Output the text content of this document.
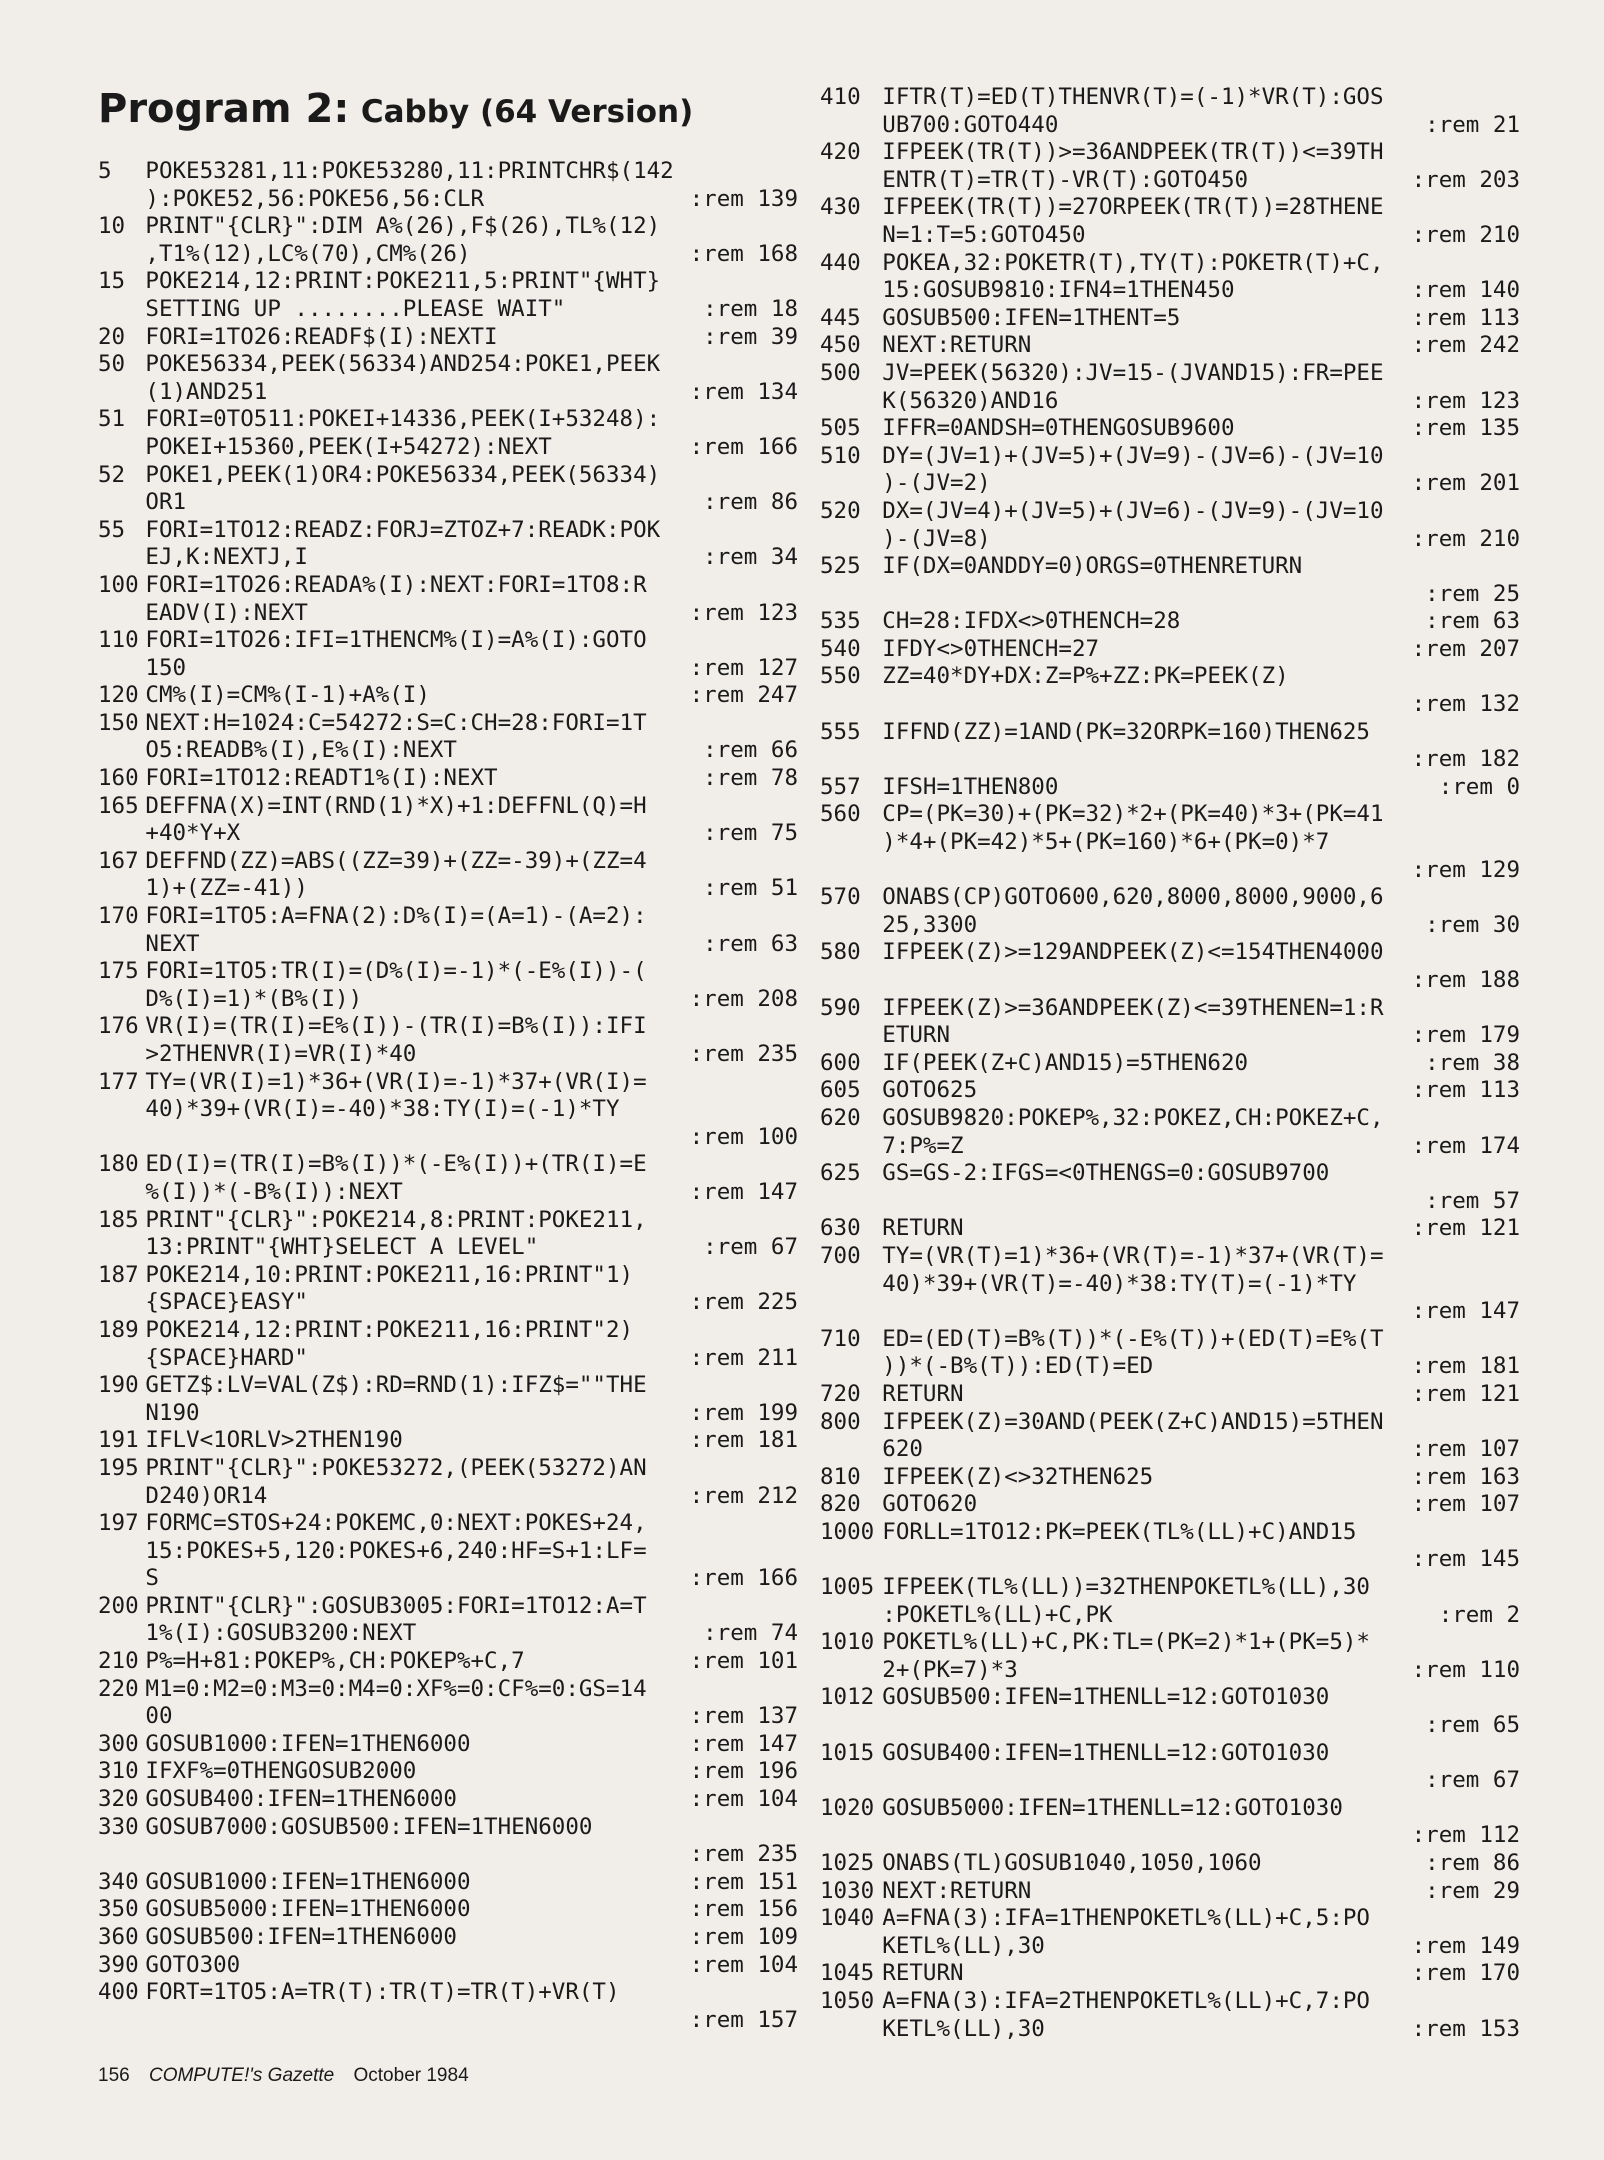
Program 2: Cabby (64 Version)
5 POKE53281,11:POKE53280,11:PRINTCHR$(142
):POKE52,56:POKE56,56:CLR	:rem 139
10 PRINT"{CLR}":DIM A%(26),F$(26),TL%(12)
,T1%(12),LC%(70),CM%(26)	:rem 168
15 POKE214,12:PRINT:POKE211,5:PRINT"{WHT}
SETTING UP ........PLEASE WAIT"	:rem 18
20 FORI=1TO26:READF$(I):NEXTI	:rem 39
50 POKE56334,PEEK(56334)AND254:POKE1,PEEK
(1)AND251	:rem 134
51 FORI=0TO511:POKEI+14336,PEEK(I+53248):
POKEI+15360,PEEK(I+54272):NEXT	:rem 166
52 POKE1,PEEK(1)OR4:POKE56334,PEEK(56334)
OR1	:rem 86
55 FORI=1TO12:READZ:FORJ=ZTOZ+7:READK:POK
EJ,K:NEXTJ,I	:rem 34
100 FORI=1TO26:READA%(I):NEXT:FORI=1TO8:R
EADV(I):NEXT	:rem 123
110 FORI=1TO26:IFI=1THENCM%(I)=A%(I):GOTO
150	:rem 127
120 CM%(I)=CM%(I-1)+A%(I)	:rem 247
150 NEXT:H=1024:C=54272:S=C:CH=28:FORI=1T
O5:READB%(I),E%(I):NEXT	:rem 66
160 FORI=1TO12:READT1%(I):NEXT	:rem 78
165 DEFFNA(X)=INT(RND(1)*X)+1:DEFFNL(Q)=H
+40*Y+X	:rem 75
167 DEFFND(ZZ)=ABS((ZZ=39)+(ZZ=-39)+(ZZ=4
1)+(ZZ=-41))	:rem 51
170 FORI=1TO5:A=FNA(2):D%(I)=(A=1)-(A=2):
NEXT	:rem 63
175 FORI=1TO5:TR(I)=(D%(I)=-1)*(-E%(I))-(
D%(I)=1)*(B%(I))	:rem 208
176 VR(I)=(TR(I)=E%(I))-(TR(I)=B%(I)):IFI
>2THENVR(I)=VR(I)*40	:rem 235
177 TY=(VR(I)=1)*36+(VR(I)=-1)*37+(VR(I)=
40)*39+(VR(I)=-40)*38:TY(I)=(-1)*TY
:rem 100
180 ED(I)=(TR(I)=B%(I))*(-E%(I))+(TR(I)=E
%(I))*(-B%(I)):NEXT	:rem 147
185 PRINT"{CLR}":POKE214,8:PRINT:POKE211,
13:PRINT"{WHT}SELECT A LEVEL"	:rem 67
187 POKE214,10:PRINT:POKE211,16:PRINT"1)
{SPACE}EASY"	:rem 225
189 POKE214,12:PRINT:POKE211,16:PRINT"2)
{SPACE}HARD"	:rem 211
190 GETZ$:LV=VAL(Z$):RD=RND(1):IFZ$=""THE
N190	:rem 199
191 IFLV<1ORLV>2THEN190	:rem 181
195 PRINT"{CLR}":POKE53272,(PEEK(53272)AN
D240)OR14	:rem 212
197 FORMC=STOS+24:POKEMC,0:NEXT:POKES+24,
15:POKES+5,120:POKES+6,240:HF=S+1:LF=
S	:rem 166
200 PRINT"{CLR}":GOSUB3005:FORI=1TO12:A=T
1%(I):GOSUB3200:NEXT	:rem 74
210 P%=H+81:POKEP%,CH:POKEP%+C,7	:rem 101
220 M1=0:M2=0:M3=0:M4=0:XF%=0:CF%=0:GS=14
00	:rem 137
300 GOSUB1000:IFEN=1THEN6000	:rem 147
310 IFXF%=0THENGOSUB2000	:rem 196
320 GOSUB400:IFEN=1THEN6000	:rem 104
330 GOSUB7000:GOSUB500:IFEN=1THEN6000
:rem 235
340 GOSUB1000:IFEN=1THEN6000	:rem 151
350 GOSUB5000:IFEN=1THEN6000	:rem 156
360 GOSUB500:IFEN=1THEN6000	:rem 109
390 GOTO300	:rem 104
400 FORT=1TO5:A=TR(T):TR(T)=TR(T)+VR(T)
:rem 157
410 IFTR(T)=ED(T)THENVR(T)=(-1)*VR(T):GOS
UB700:GOTO440	:rem 21
420 IFPEEK(TR(T))>=36ANDPEEK(TR(T))<=39TH
ENTR(T)=TR(T)-VR(T):GOTO450	:rem 203
430 IFPEEK(TR(T))=27ORPEEK(TR(T))=28THENE
N=1:T=5:GOTO450	:rem 210
440 POKEA,32:POKETR(T),TY(T):POKETR(T)+C,
15:GOSUB9810:IFN4=1THEN450	:rem 140
445 GOSUB500:IFEN=1THENT=5	:rem 113
450 NEXT:RETURN	:rem 242
500 JV=PEEK(56320):JV=15-(JVAND15):FR=PEE
K(56320)AND16	:rem 123
505 IFFR=0ANDSH=0THENGOSUB9600	:rem 135
510 DY=(JV=1)+(JV=5)+(JV=9)-(JV=6)-(JV=10
)-(JV=2)	:rem 201
520 DX=(JV=4)+(JV=5)+(JV=6)-(JV=9)-(JV=10
)-(JV=8)	:rem 210
525 IF(DX=0ANDDY=0)ORGS=0THENRETURN
:rem 25
535 CH=28:IFDX<>0THENCH=28	:rem 63
540 IFDY<>0THENCH=27	:rem 207
550 ZZ=40*DY+DX:Z=P%+ZZ:PK=PEEK(Z)
:rem 132
555 IFFND(ZZ)=1AND(PK=32ORPK=160)THEN625
:rem 182
557 IFSH=1THEN800	:rem 0
560 CP=(PK=30)+(PK=32)*2+(PK=40)*3+(PK=41
)*4+(PK=42)*5+(PK=160)*6+(PK=0)*7
:rem 129
570 ONABS(CP)GOTO600,620,8000,8000,9000,6
25,3300	:rem 30
580 IFPEEK(Z)>=129ANDPEEK(Z)<=154THEN4000
:rem 188
590 IFPEEK(Z)>=36ANDPEEK(Z)<=39THENEN=1:R
ETURN	:rem 179
600 IF(PEEK(Z+C)AND15)=5THEN620	:rem 38
605 GOTO625	:rem 113
620 GOSUB9820:POKEP%,32:POKEZ,CH:POKEZ+C,
7:P%=Z	:rem 174
625 GS=GS-2:IFGS=<0THENGS=0:GOSUB9700
:rem 57
630 RETURN	:rem 121
700 TY=(VR(T)=1)*36+(VR(T)=-1)*37+(VR(T)=
40)*39+(VR(T)=-40)*38:TY(T)=(-1)*TY
:rem 147
710 ED=(ED(T)=B%(T))*(-E%(T))+(ED(T)=E%(T
))*(-B%(T)):ED(T)=ED	:rem 181
720 RETURN	:rem 121
800 IFPEEK(Z)=30AND(PEEK(Z+C)AND15)=5THEN
620	:rem 107
810 IFPEEK(Z)<>32THEN625	:rem 163
820 GOTO620	:rem 107
1000 FORLL=1TO12:PK=PEEK(TL%(LL)+C)AND15
:rem 145
1005 IFPEEK(TL%(LL))=32THENPOKETL%(LL),30
:POKETL%(LL)+C,PK	:rem 2
1010 POKETL%(LL)+C,PK:TL=(PK=2)*1+(PK=5)*
2+(PK=7)*3	:rem 110
1012 GOSUB500:IFEN=1THENLL=12:GOTO1030
:rem 65
1015 GOSUB400:IFEN=1THENLL=12:GOTO1030
:rem 67
1020 GOSUB5000:IFEN=1THENLL=12:GOTO1030
:rem 112
1025 ONABS(TL)GOSUB1040,1050,1060	:rem 86
1030 NEXT:RETURN	:rem 29
1040 A=FNA(3):IFA=1THENPOKETL%(LL)+C,5:PO
KETL%(LL),30	:rem 149
1045 RETURN	:rem 170
1050 A=FNA(3):IFA=2THENPOKETL%(LL)+C,7:PO
KETL%(LL),30	:rem 153
156 COMPUTE!'s Gazette October 1984
